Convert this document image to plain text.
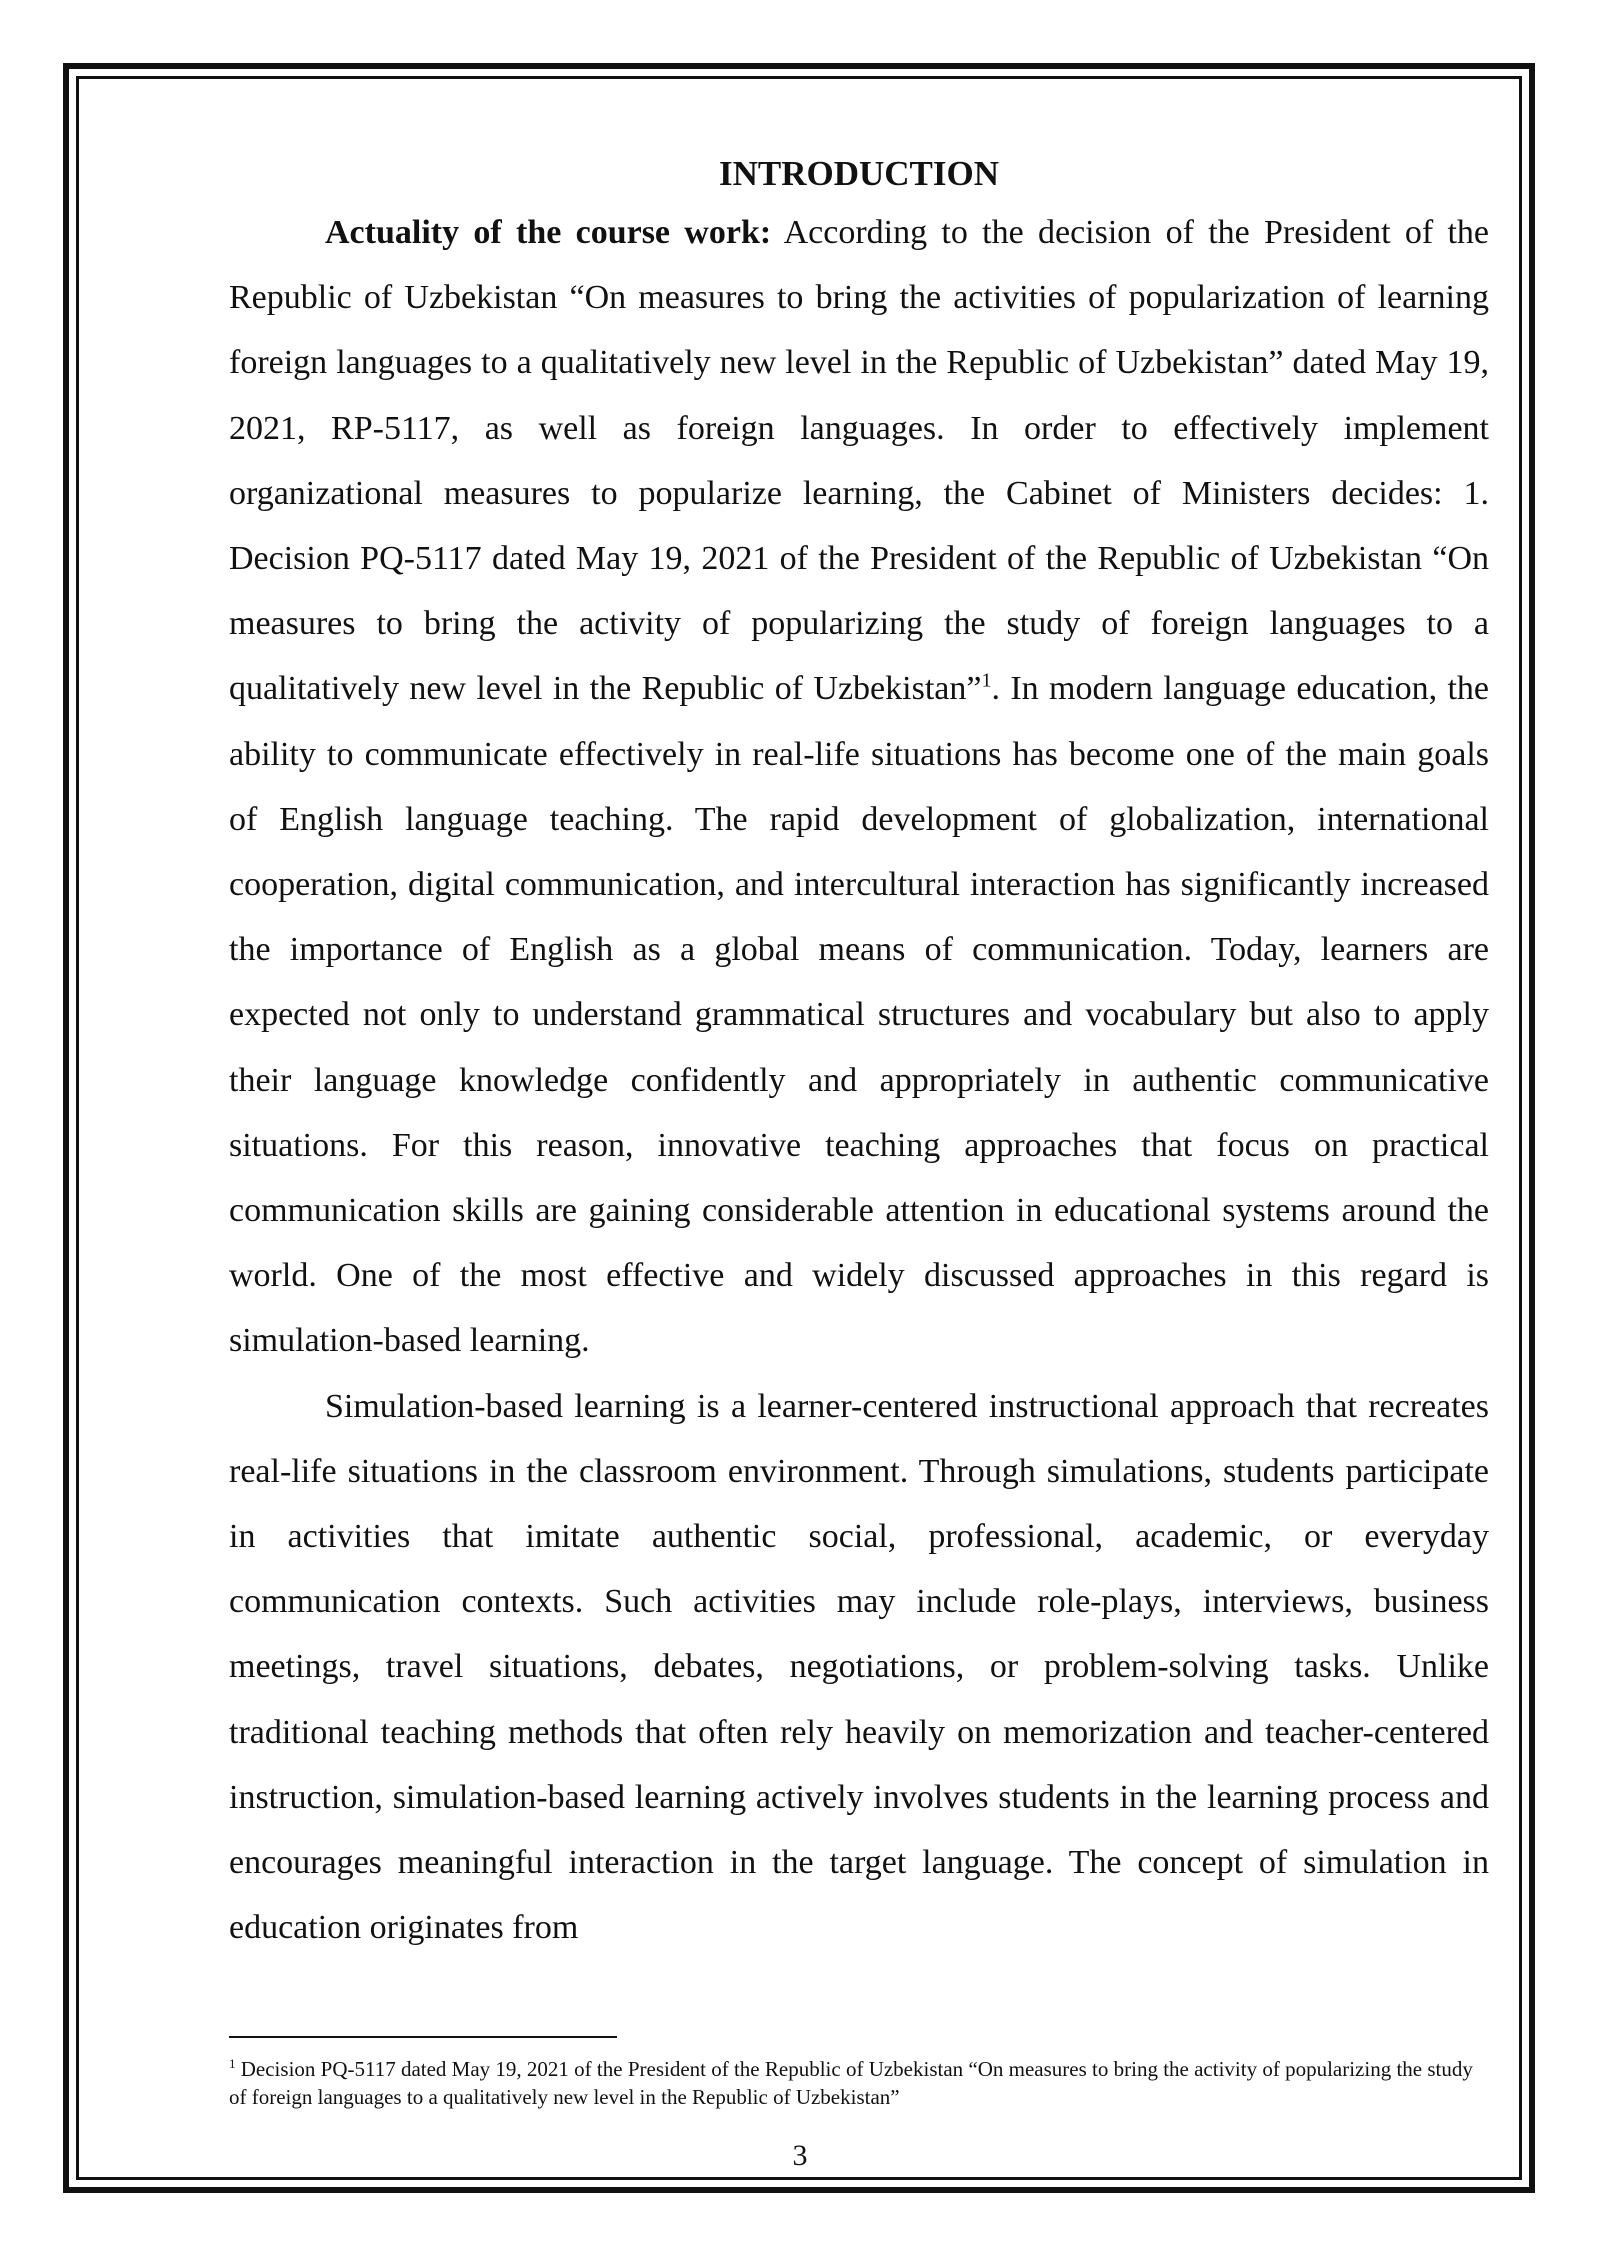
INTRODUCTION

Actuality of the course work: According to the decision of the President of the Republic of Uzbekistan “On measures to bring the activities of popularization of learning foreign languages to a qualitatively new level in the Republic of Uzbekistan” dated May 19, 2021, RP-5117, as well as foreign languages. In order to effectively implement organizational measures to popularize learning, the Cabinet of Ministers decides: 1. Decision PQ-5117 dated May 19, 2021 of the President of the Republic of Uzbekistan “On measures to bring the activity of popularizing the study of foreign languages to a qualitatively new level in the Republic of Uzbekistan”$^1$. In modern language education, the ability to communicate effectively in real-life situations has become one of the main goals of English language teaching. The rapid development of globalization, international cooperation, digital communication, and intercultural interaction has significantly increased the importance of English as a global means of communication. Today, learners are expected not only to understand grammatical structures and vocabulary but also to apply their language knowledge confidently and appropriately in authentic communicative situations. For this reason, innovative teaching approaches that focus on practical communication skills are gaining considerable attention in educational systems around the world. One of the most effective and widely discussed approaches in this regard is simulation-based learning.

Simulation-based learning is a learner-centered instructional approach that recreates real-life situations in the classroom environment. Through simulations, students participate in activities that imitate authentic social, professional, academic, or everyday communication contexts. Such activities may include role-plays, interviews, business meetings, travel situations, debates, negotiations, or problem-solving tasks. Unlike traditional teaching methods that often rely heavily on memorization and teacher-centered instruction, simulation-based learning actively involves students in the learning process and encourages meaningful interaction in the target language. The concept of simulation in education originates from

$^1$ Decision PQ-5117 dated May 19, 2021 of the President of the Republic of Uzbekistan “On measures to bring the activity of popularizing the study of foreign languages to a qualitatively new level in the Republic of Uzbekistan”

3
